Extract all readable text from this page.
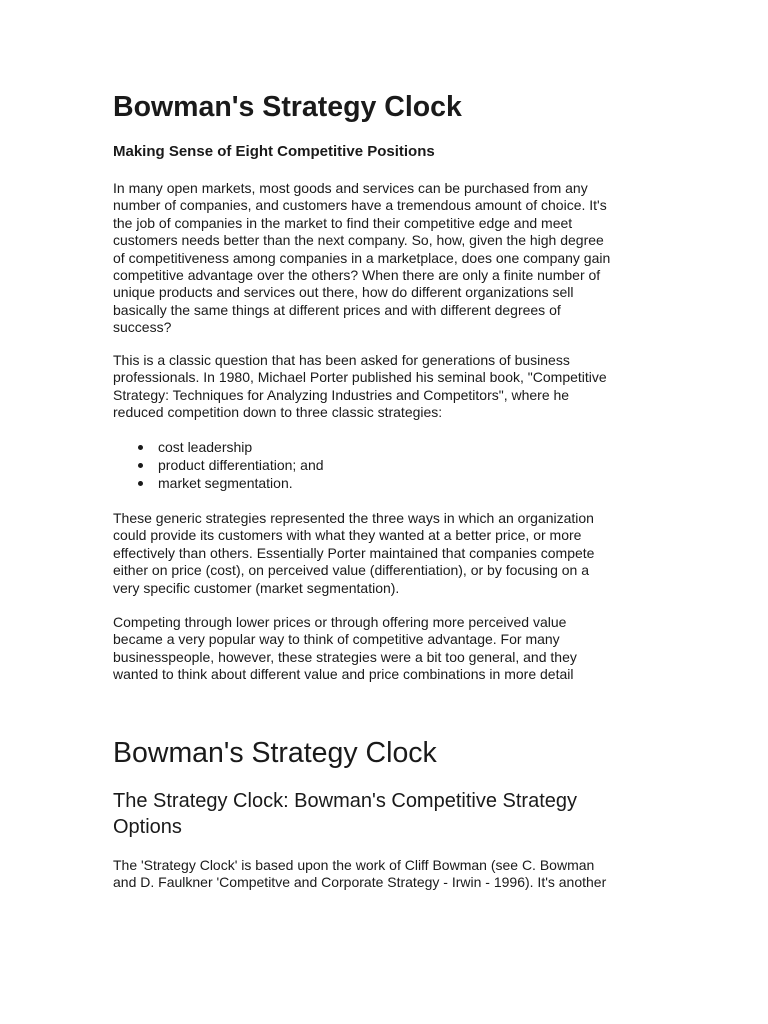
Bowman's Strategy Clock
Making Sense of Eight Competitive Positions
In many open markets, most goods and services can be purchased from any
number of companies, and customers have a tremendous amount of choice. It's
the job of companies in the market to find their competitive edge and meet
customers needs better than the next company. So, how, given the high degree
of competitiveness among companies in a marketplace, does one company gain
competitive advantage over the others? When there are only a finite number of
unique products and services out there, how do different organizations sell
basically the same things at different prices and with different degrees of
success?
This is a classic question that has been asked for generations of business
professionals. In 1980, Michael Porter published his seminal book, "Competitive
Strategy: Techniques for Analyzing Industries and Competitors", where he
reduced competition down to three classic strategies:
cost leadership
product differentiation; and
market segmentation.
These generic strategies represented the three ways in which an organization
could provide its customers with what they wanted at a better price, or more
effectively than others. Essentially Porter maintained that companies compete
either on price (cost), on perceived value (differentiation), or by focusing on a
very specific customer (market segmentation).
Competing through lower prices or through offering more perceived value
became a very popular way to think of competitive advantage. For many
businesspeople, however, these strategies were a bit too general, and they
wanted to think about different value and price combinations in more detail
Bowman's Strategy Clock
The Strategy Clock: Bowman's Competitive Strategy
Options
The 'Strategy Clock' is based upon the work of Cliff Bowman (see C. Bowman
and D. Faulkner 'Competitve and Corporate Strategy - Irwin - 1996). It's another
